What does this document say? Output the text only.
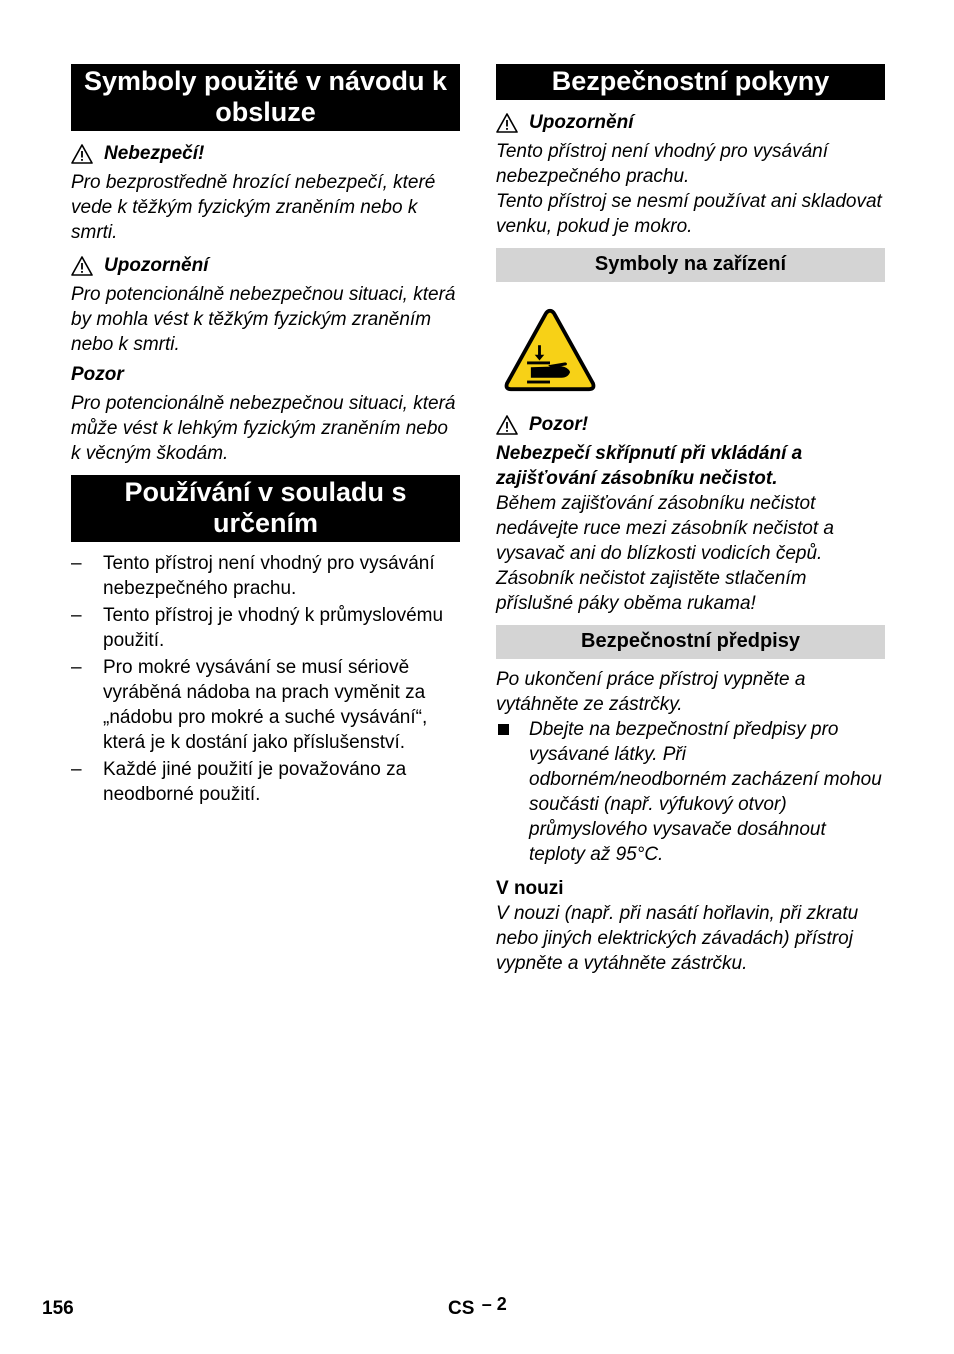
Symboly použité v návodu k obsluze
Nebezpečí!

Pro bezprostředně hrozící nebezpečí, které vede k těžkým fyzickým zraněním nebo k smrti.

Upozornění

Pro potencionálně nebezpečnou situaci, která by mohla vést k těžkým fyzickým zraněním nebo k smrti.

Pozor

Pro potencionálně nebezpečnou situaci, která může vést k lehkým fyzickým zraněním nebo k věcným škodám.

Používání v souladu s určením
– Tento přístroj není vhodný pro vysávání nebezpečného prachu.
– Tento přístroj je vhodný k průmyslovému použití.
– Pro mokré vysávání se musí sériově vyráběná nádoba na prach vyměnit za „nádobu pro mokré a suché vysávání“, která je k dostání jako příslušenství.
– Každé jiné použití je považováno za neodborné použití.
Bezpečnostní pokyny
Upozornění

Tento přístroj není vhodný pro vysávání nebezpečného prachu.

Tento přístroj se nesmí používat ani skladovat venku, pokud je mokro.

Symboly na zařízení
Pozor!

Nebezpečí skřípnutí při vkládání a zajišťování zásobníku nečistot.

Během zajišťování zásobníku nečistot nedávejte ruce mezi zásobník nečistot a vysavač ani do blízkosti vodicích čepů.

Zásobník nečistot zajistěte stlačením příslušné páky oběma rukama!

Bezpečnostní předpisy

Po ukončení práce přístroj vypněte a vytáhněte ze zástrčky.

Dbejte na bezpečnostní předpisy pro vysávané látky. Při odborném/neodborném zacházení mohou součásti (např. výfukový otvor) průmyslového vysavače dosáhnout teploty až 95°C.
V nouzi

V nouzi (např. při nasátí hořlavin, při zkratu nebo jiných elektrických závadách) přístroj vypněte a vytáhněte zástrčku.

156	CS – 2
